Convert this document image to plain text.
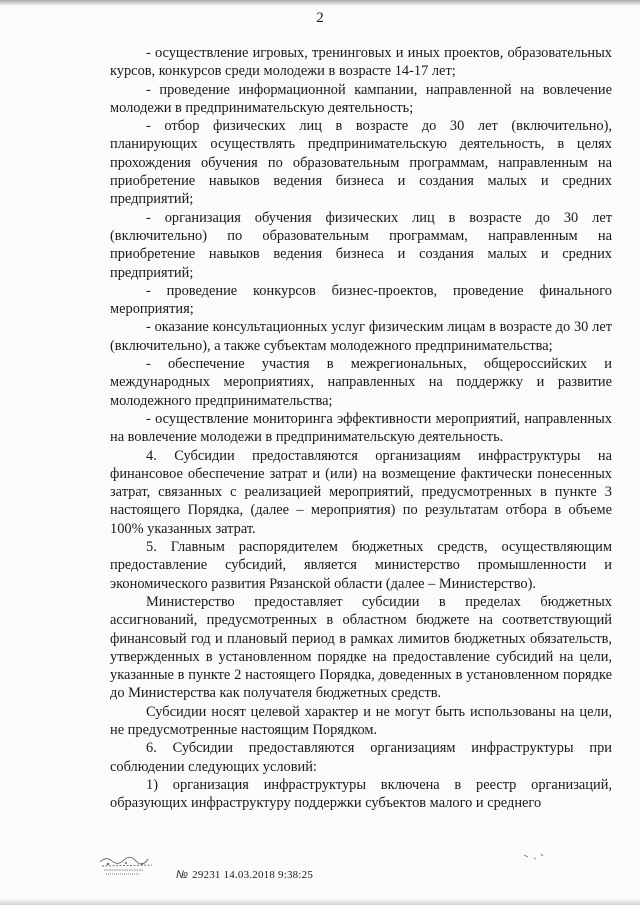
2

- осуществление игровых, тренинговых и иных проектов, образовательных курсов, конкурсов среди молодежи в возрасте 14-17 лет;

- проведение информационной кампании, направленной на вовлечение молодежи в предпринимательскую деятельность;

- отбор физических лиц в возрасте до 30 лет (включительно), планирующих осуществлять предпринимательскую деятельность, в целях прохождения обучения по образовательным программам, направленным на приобретение навыков ведения бизнеса и создания малых и средних предприятий;

- организация обучения физических лиц в возрасте до 30 лет (включительно) по образовательным программам, направленным на приобретение навыков ведения бизнеса и создания малых и средних предприятий;

- проведение конкурсов бизнес-проектов, проведение финального мероприятия;

- оказание консультационных услуг физическим лицам в возрасте до 30 лет (включительно), а также субъектам молодежного предпринимательства;

- обеспечение участия в межрегиональных, общероссийских и международных мероприятиях, направленных на поддержку и развитие молодежного предпринимательства;

- осуществление мониторинга эффективности мероприятий, направленных на вовлечение молодежи в предпринимательскую деятельность.

4. Субсидии предоставляются организациям инфраструктуры на финансовое обеспечение затрат и (или) на возмещение фактически понесенных затрат, связанных с реализацией мероприятий, предусмотренных в пункте 3 настоящего Порядка, (далее – мероприятия) по результатам отбора в объеме 100% указанных затрат.

5. Главным распорядителем бюджетных средств, осуществляющим предоставление субсидий, является министерство промышленности и экономического развития Рязанской области (далее – Министерство).

Министерство предоставляет субсидии в пределах бюджетных ассигнований, предусмотренных в областном бюджете на соответствующий финансовый год и плановый период в рамках лимитов бюджетных обязательств, утвержденных в установленном порядке на предоставление субсидий на цели, указанные в пункте 2 настоящего Порядка, доведенных в установленном порядке до Министерства как получателя бюджетных средств.

Субсидии носят целевой характер и не могут быть использованы на цели, не предусмотренные настоящим Порядком.

6. Субсидии предоставляются организациям инфраструктуры при соблюдении следующих условий:

1) организация инфраструктуры включена в реестр организаций, образующих инфраструктуру поддержки субъектов малого и среднего

№ 29231 14.03.2018 9:38:25
